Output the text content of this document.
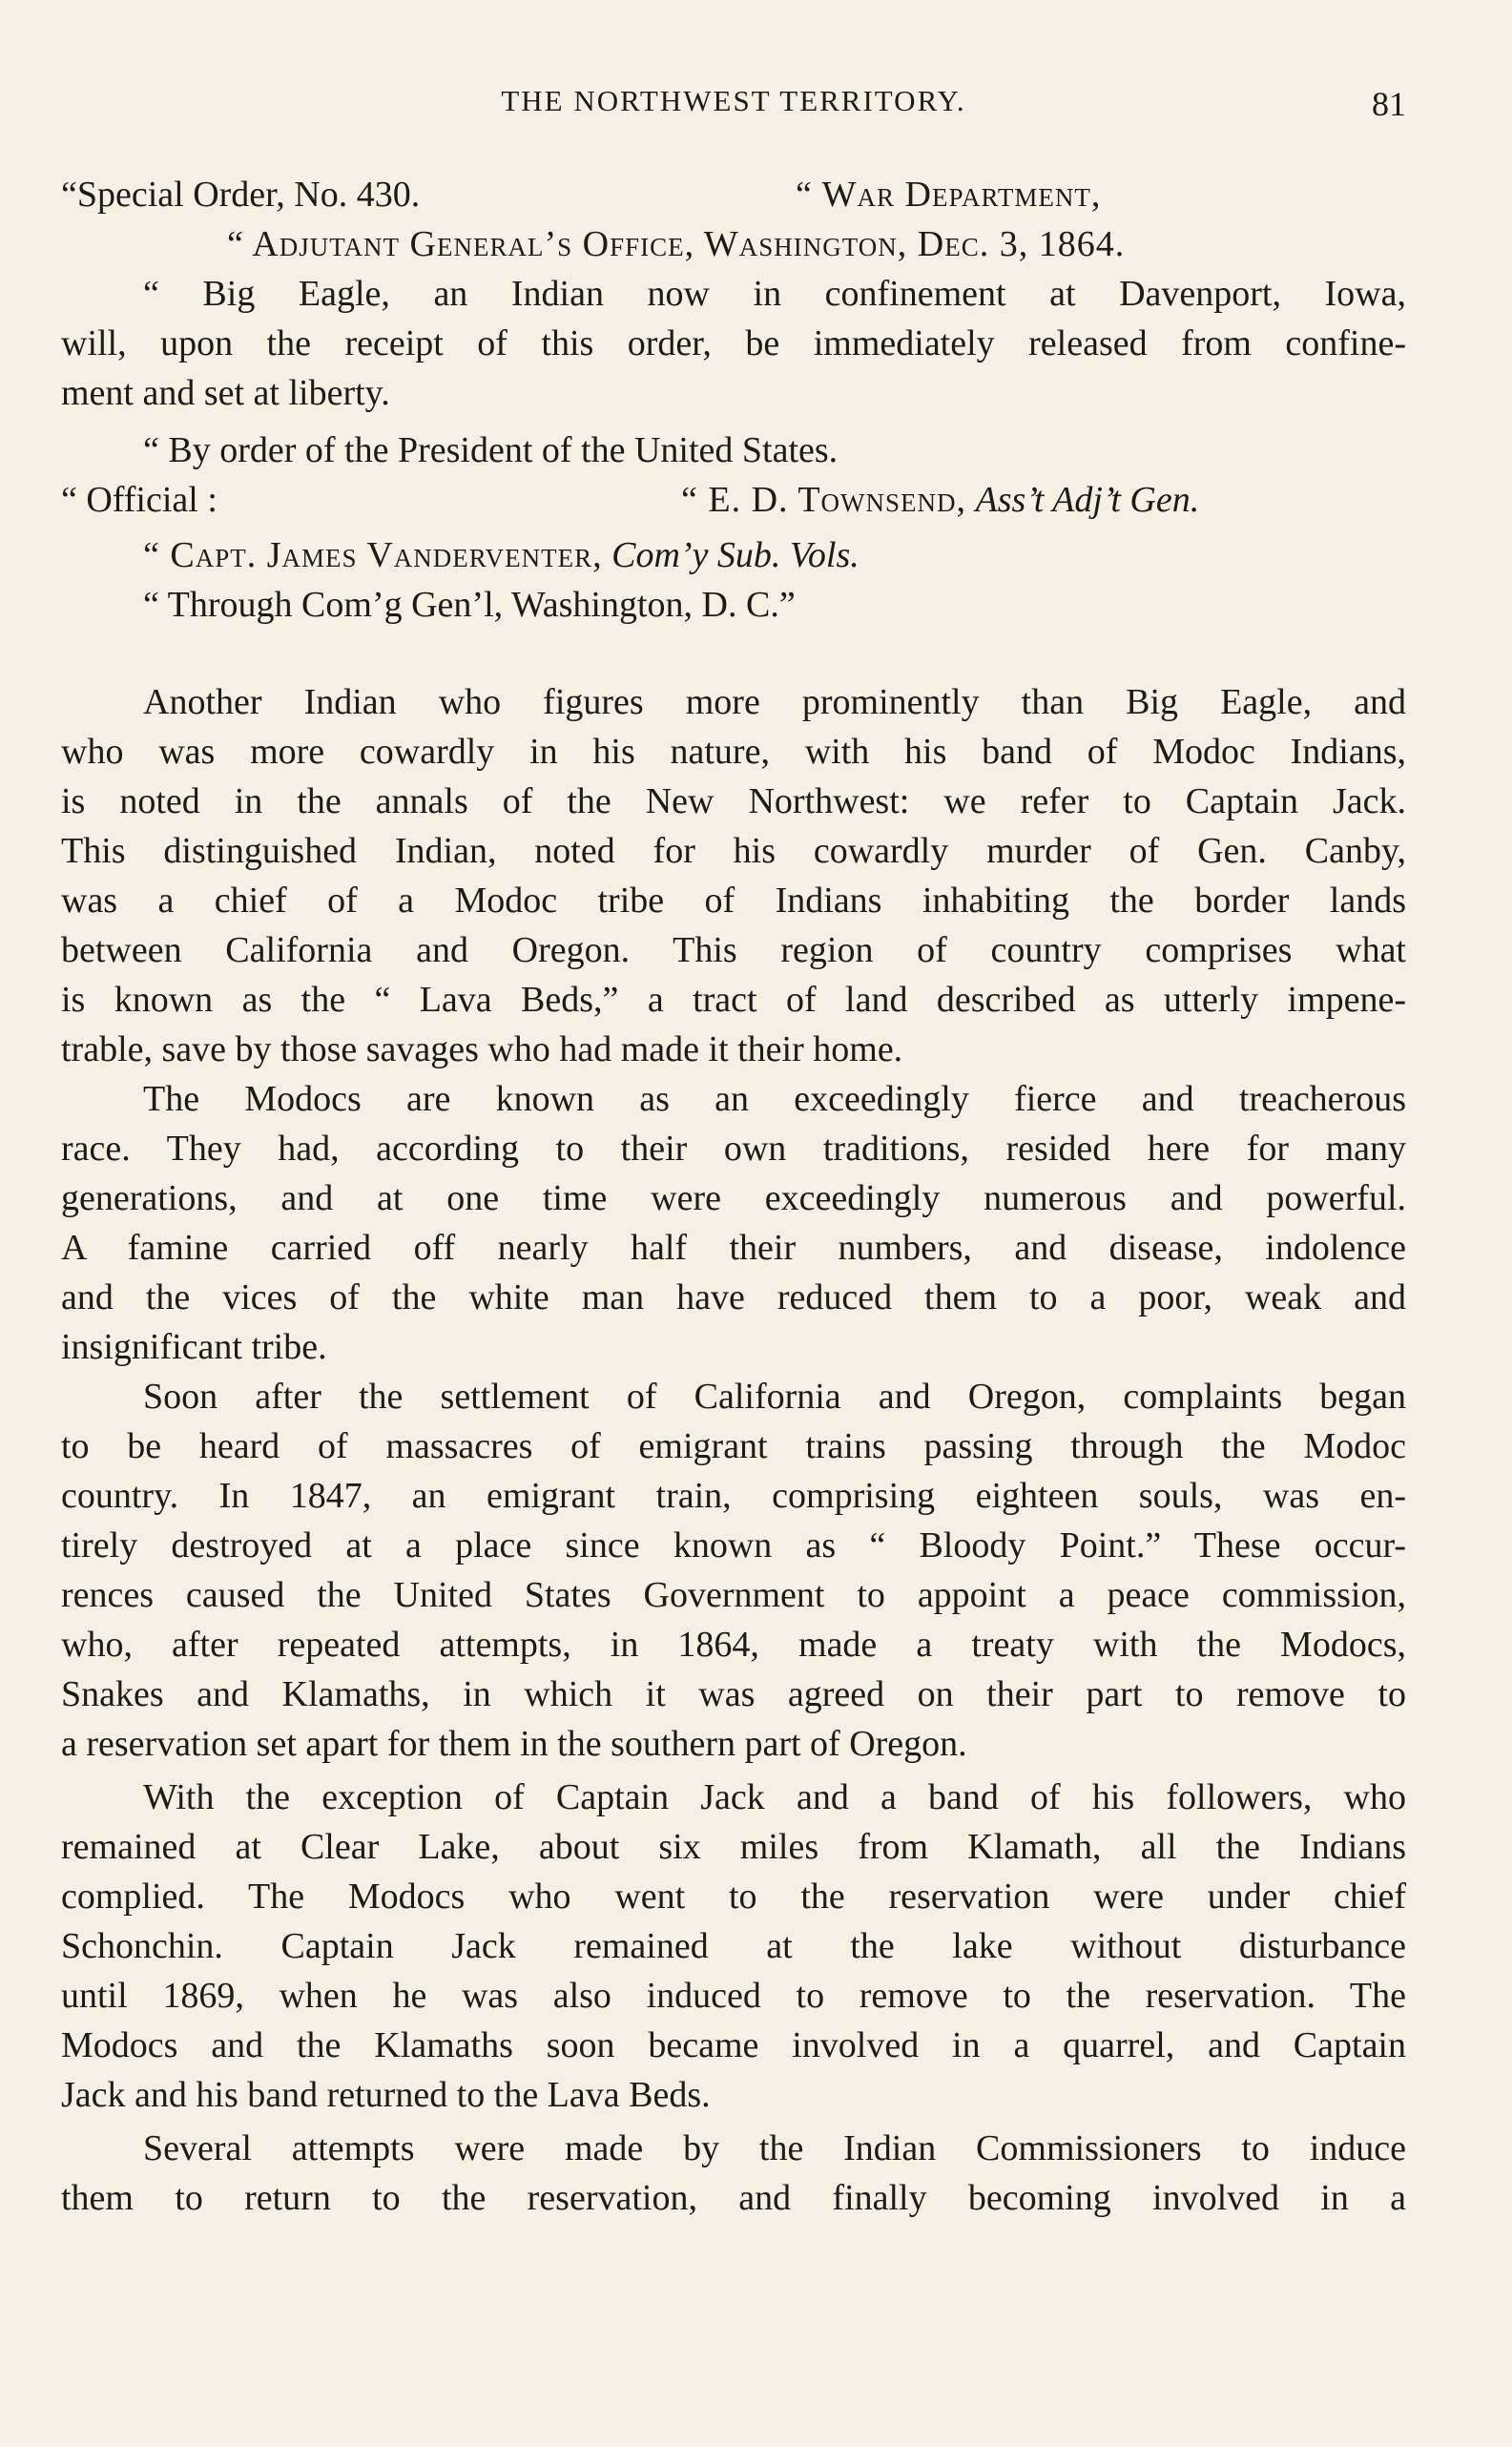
THE NORTHWEST TERRITORY.	81
“Special Order, No. 430.	“ War Department,
“ Adjutant General’s Office, Washington, Dec. 3, 1864.
“ Big Eagle, an Indian now in confinement at Davenport, Iowa,
will, upon the receipt of this order, be immediately released from confine-
ment and set at liberty.
“ By order of the President of the United States.
“ Official :	“ E. D. Townsend, Ass’t Adj’t Gen.
“ Capt. James Vanderventer, Com’y Sub. Vols.
“ Through Com’g Gen’l, Washington, D. C.”
Another Indian who figures more prominently than Big Eagle, and
who was more cowardly in his nature, with his band of Modoc Indians,
is noted in the annals of the New Northwest: we refer to Captain Jack.
This distinguished Indian, noted for his cowardly murder of Gen. Canby,
was a chief of a Modoc tribe of Indians inhabiting the border lands
between California and Oregon. This region of country comprises what
is known as the “ Lava Beds,” a tract of land described as utterly impene-
trable, save by those savages who had made it their home.
The Modocs are known as an exceedingly fierce and treacherous
race. They had, according to their own traditions, resided here for many
generations, and at one time were exceedingly numerous and powerful.
A famine carried off nearly half their numbers, and disease, indolence
and the vices of the white man have reduced them to a poor, weak and
insignificant tribe.
Soon after the settlement of California and Oregon, complaints began
to be heard of massacres of emigrant trains passing through the Modoc
country. In 1847, an emigrant train, comprising eighteen souls, was en-
tirely destroyed at a place since known as “ Bloody Point.” These occur-
rences caused the United States Government to appoint a peace commission,
who, after repeated attempts, in 1864, made a treaty with the Modocs,
Snakes and Klamaths, in which it was agreed on their part to remove to
a reservation set apart for them in the southern part of Oregon.
With the exception of Captain Jack and a band of his followers, who
remained at Clear Lake, about six miles from Klamath, all the Indians
complied. The Modocs who went to the reservation were under chief
Schonchin. Captain Jack remained at the lake without disturbance
until 1869, when he was also induced to remove to the reservation. The
Modocs and the Klamaths soon became involved in a quarrel, and Captain
Jack and his band returned to the Lava Beds.
Several attempts were made by the Indian Commissioners to induce
them to return to the reservation, and finally becoming involved in a
